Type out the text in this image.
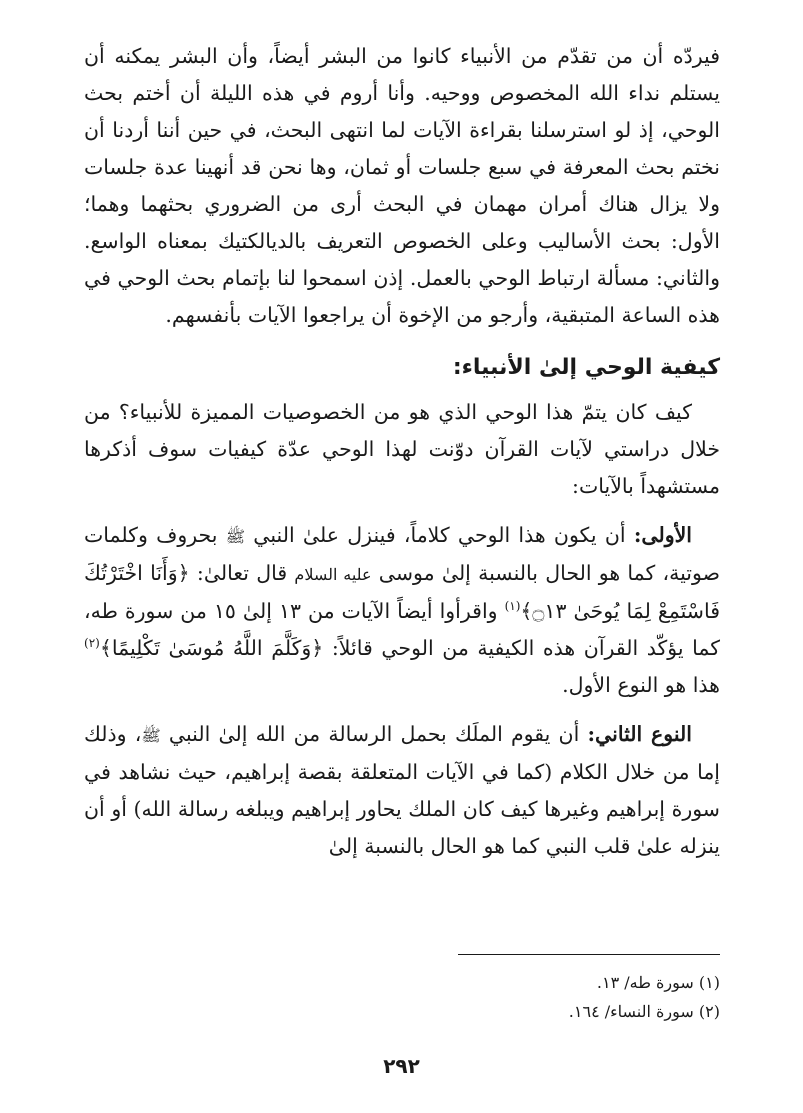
فيردّه أن من تقدّم من الأنبياء كانوا من البشر أيضاً، وأن البشر يمكنه أن يستلم نداء الله المخصوص ووحيه. وأنا أروم في هذه الليلة أن أختم بحث الوحي، إذ لو استرسلنا بقراءة الآيات لما انتهى البحث، في حين أننا أردنا أن نختم بحث المعرفة في سبع جلسات أو ثمان، وها نحن قد أنهينا عدة جلسات ولا يزال هناك أمران مهمان في البحث أرى من الضروري بحثهما وهما؛ الأول: بحث الأساليب وعلى الخصوص التعريف بالديالكتيك بمعناه الواسع. والثاني: مسألة ارتباط الوحي بالعمل. إذن اسمحوا لنا بإتمام بحث الوحي في هذه الساعة المتبقية، وأرجو من الإخوة أن يراجعوا الآيات بأنفسهم.

كيفية الوحي إلىٰ الأنبياء:

كيف كان يتمّ هذا الوحي الذي هو من الخصوصيات المميزة للأنبياء؟ من خلال دراستي لآيات القرآن دوّنت لهذا الوحي عدّة كيفيات سوف أذكرها مستشهداً بالآيات:

الأولى: أن يكون هذا الوحي كلاماً، فينزل علىٰ النبي ﷺ بحروف وكلمات صوتية، كما هو الحال بالنسبة إلىٰ موسى عليه السلام قال تعالىٰ: ﴿وَأَنَا اخْتَرْتُكَ فَاسْتَمِعْ لِمَا يُوحَىٰ ۝١٣﴾$^{(١)}$ واقرأوا أيضاً الآيات من ١٣ إلىٰ ١٥ من سورة طه، كما يؤكّد القرآن هذه الكيفية من الوحي قائلاً: ﴿وَكَلَّمَ اللَّهُ مُوسَىٰ تَكْلِيمًا﴾$^{(٢)}$ هذا هو النوع الأول.

النوع الثاني: أن يقوم الملَك بحمل الرسالة من الله إلىٰ النبي ﷺ، وذلك إما من خلال الكلام (كما في الآيات المتعلقة بقصة إبراهيم، حيث نشاهد في سورة إبراهيم وغيرها كيف كان الملك يحاور إبراهيم ويبلغه رسالة الله) أو أن ينزله علىٰ قلب النبي كما هو الحال بالنسبة إلىٰ

(١) سورة طه/ ١٣.

(٢) سورة النساء/ ١٦٤.

٢٩٢
